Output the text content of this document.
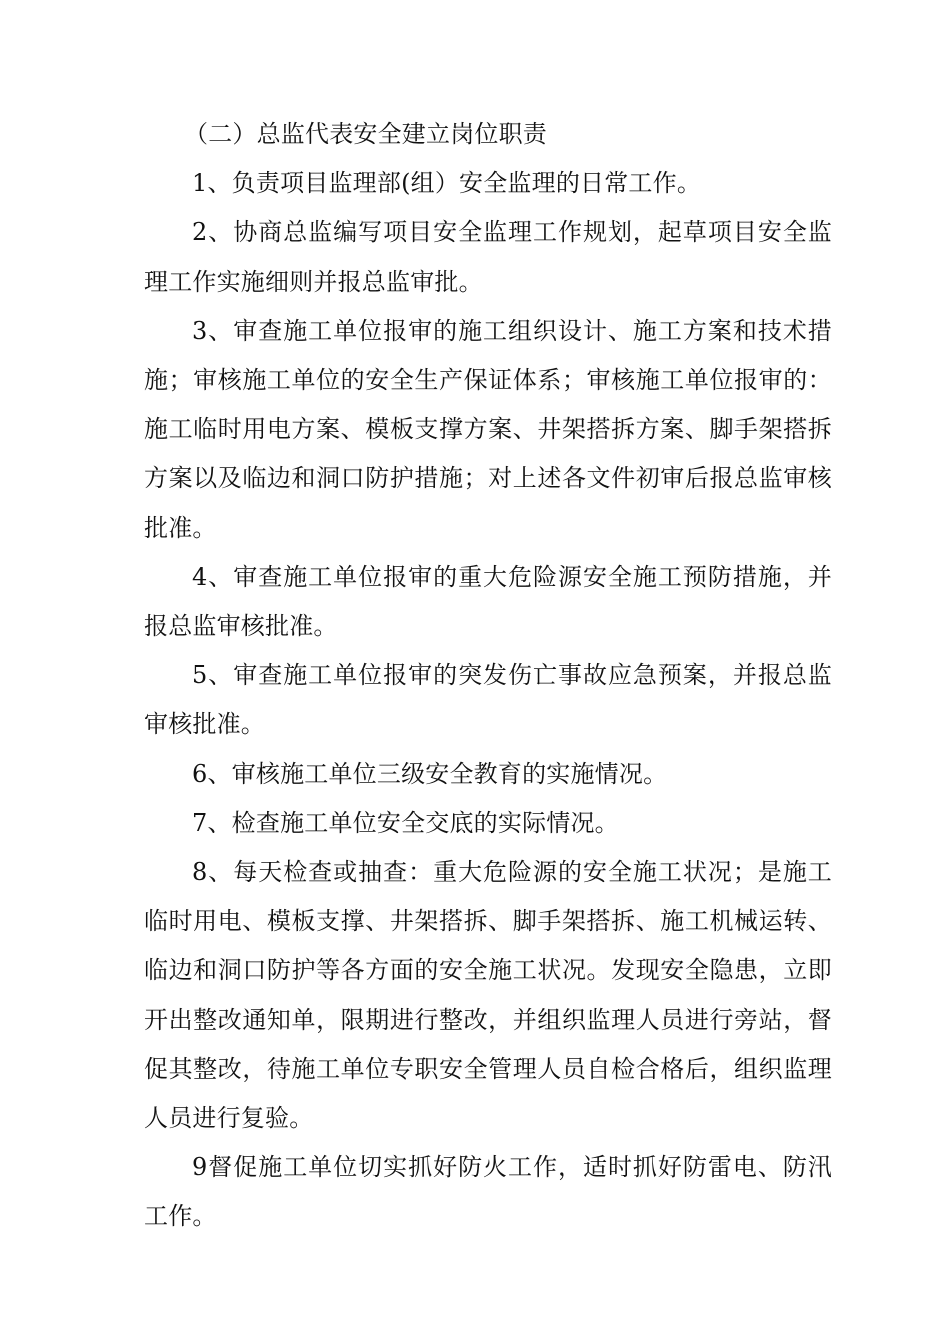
（二）总监代表安全建立岗位职责

1、负责项目监理部(组）安全监理的日常工作。

2、协商总监编写项目安全监理工作规划，起草项目安全监理工作实施细则并报总监审批。

3、审查施工单位报审的施工组织设计、施工方案和技术措施；审核施工单位的安全生产保证体系；审核施工单位报审的：施工临时用电方案、模板支撑方案、井架搭拆方案、脚手架搭拆方案以及临边和洞口防护措施；对上述各文件初审后报总监审核批准。

4、审查施工单位报审的重大危险源安全施工预防措施，并报总监审核批准。

5、审查施工单位报审的突发伤亡事故应急预案，并报总监审核批准。

6、审核施工单位三级安全教育的实施情况。

7、检查施工单位安全交底的实际情况。

8、每天检查或抽查：重大危险源的安全施工状况；是施工临时用电、模板支撑、井架搭拆、脚手架搭拆、施工机械运转、临边和洞口防护等各方面的安全施工状况。发现安全隐患，立即开出整改通知单，限期进行整改，并组织监理人员进行旁站，督促其整改，待施工单位专职安全管理人员自检合格后，组织监理人员进行复验。

9督促施工单位切实抓好防火工作，适时抓好防雷电、防汛工作。
